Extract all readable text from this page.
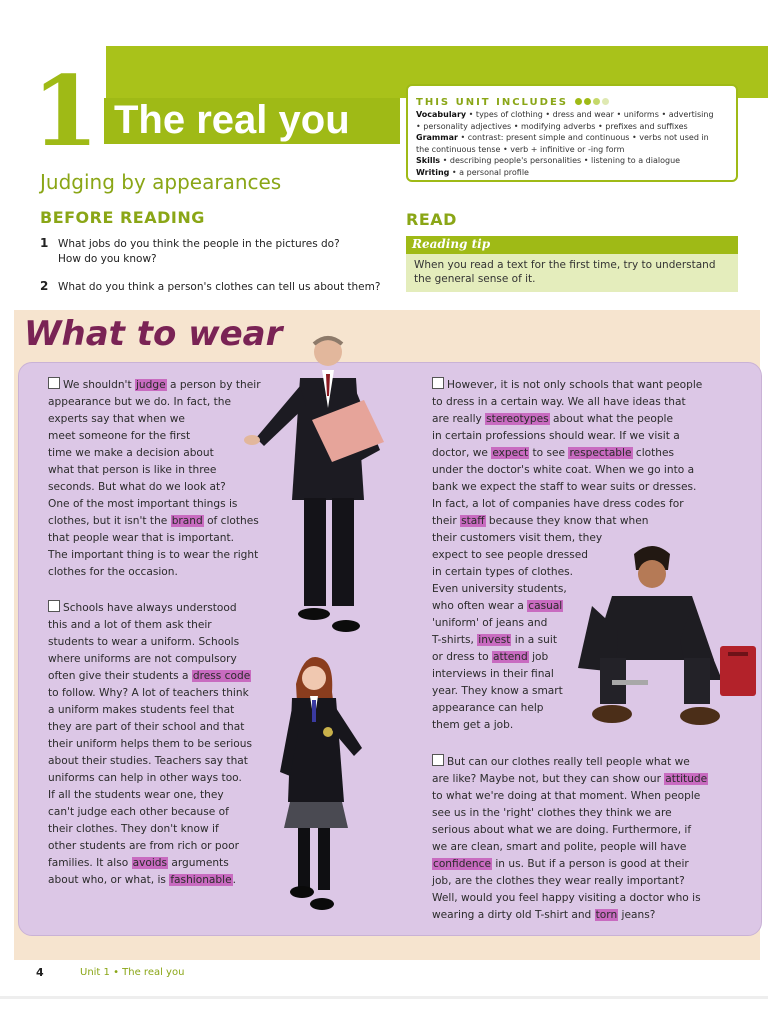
1 The real you
Judging by appearances
BEFORE READING
1 What jobs do you think the people in the pictures do?
How do you know?
2 What do you think a person's clothes can tell us about them?
THIS UNIT INCLUDES
Vocabulary • types of clothing • dress and wear • uniforms • advertising
• personality adjectives • modifying adverbs • prefixes and suffixes
Grammar • contrast: present simple and continuous • verbs not used in
the continuous tense • verb + infinitive or -ing form
Skills • describing people's personalities • listening to a dialogue
Writing • a personal profile
READ
Reading tip
When you read a text for the first time, try to understand the general sense of it.
What to wear

We shouldn't judge a person by their
appearance but we do. In fact, the
experts say that when we
meet someone for the first
time we make a decision about
what that person is like in three
seconds. But what do we look at?
One of the most important things is
clothes, but it isn't the brand of clothes
that people wear that is important.
The important thing is to wear the right
clothes for the occasion.

Schools have always understood
this and a lot of them ask their
students to wear a uniform. Schools
where uniforms are not compulsory
often give their students a dress code
to follow. Why? A lot of teachers think
a uniform makes students feel that
they are part of their school and that
their uniform helps them to be serious
about their studies. Teachers say that
uniforms can help in other ways too.
If all the students wear one, they
can't judge each other because of
their clothes. They don't know if
other students are from rich or poor
families. It also avoids arguments
about who, or what, is fashionable.

However, it is not only schools that want people
to dress in a certain way. We all have ideas that
are really stereotypes about what the people
in certain professions should wear. If we visit a
doctor, we expect to see respectable clothes
under the doctor's white coat. When we go into a
bank we expect the staff to wear suits or dresses.
In fact, a lot of companies have dress codes for
their staff because they know that when
their customers visit them, they
expect to see people dressed
in certain types of clothes.
Even university students,
who often wear a casual
'uniform' of jeans and
T-shirts, invest in a suit
or dress to attend job
interviews in their final
year. They know a smart
appearance can help
them get a job.

But can our clothes really tell people what we
are like? Maybe not, but they can show our attitude
to what we're doing at that moment. When people
see us in the 'right' clothes they think we are
serious about what we are doing. Furthermore, if
we are clean, smart and polite, people will have
confidence in us. But if a person is good at their
job, are the clothes they wear really important?
Well, would you feel happy visiting a doctor who is
wearing a dirty old T-shirt and torn jeans?

4	Unit 1 • The real you
